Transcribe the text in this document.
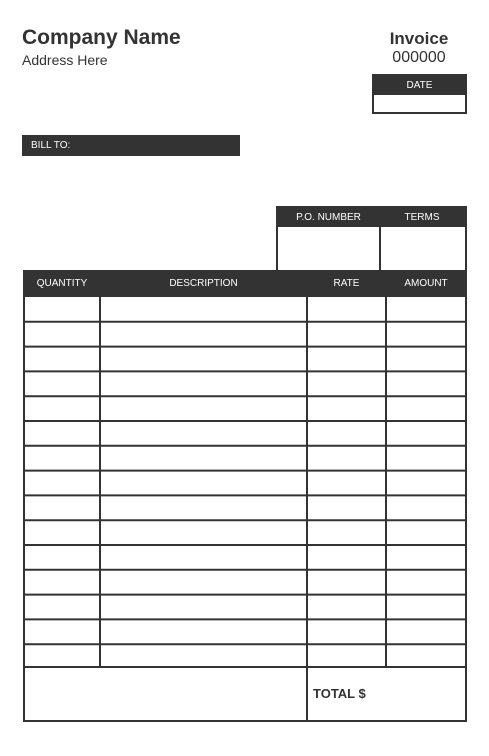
Company Name
Address Here
Invoice
000000
DATE
BILL TO:
P.O. NUMBER	TERMS
QUANTITY	DESCRIPTION	RATE	AMOUNT
TOTAL $
